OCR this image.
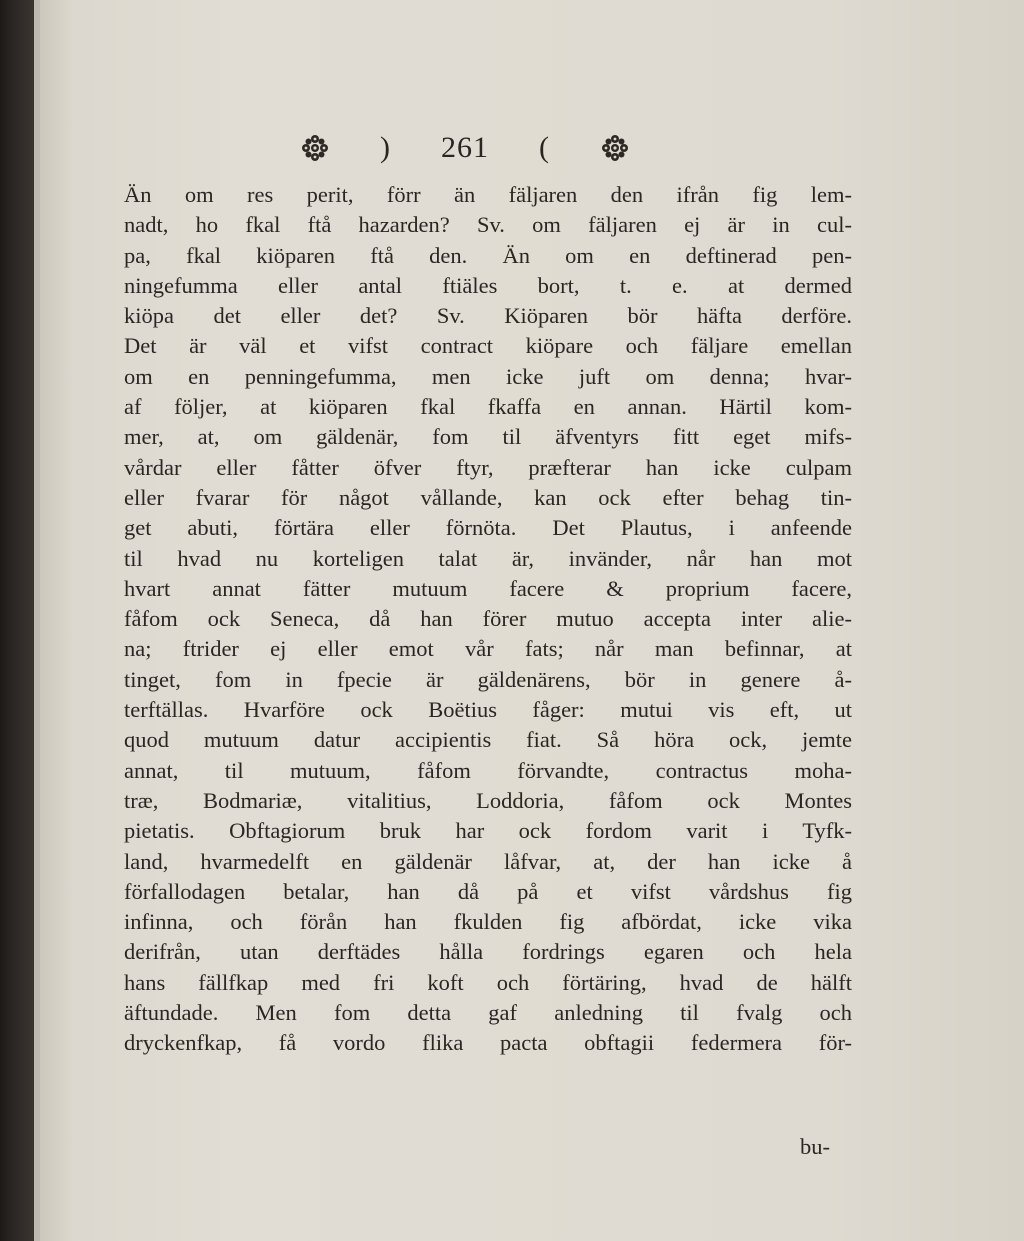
) 261 (
Än om res perit, förr än fäljaren den ifrån fig lem-
nadt, ho fkal ftå hazarden? Sv. om fäljaren ej är in cul-
pa, fkal kiöparen ftå den. Än om en deftinerad pen-
ningefumma eller antal ftiäles bort, t. e. at dermed
kiöpa det eller det? Sv. Kiöparen bör häfta derföre.
Det är väl et vifst contract kiöpare och fäljare emellan
om en penningefumma, men icke juft om denna; hvar-
af följer, at kiöparen fkal fkaffa en annan. Härtil kom-
mer, at, om gäldenär, fom til äfventyrs fitt eget mifs-
vårdar eller fåtter öfver ftyr, præfterar han icke culpam
eller fvarar för något vållande, kan ock efter behag tin-
get abuti, förtära eller förnöta. Det Plautus, i anfeende
til hvad nu korteligen talat är, invänder, når han mot
hvart annat fätter mutuum facere & proprium facere,
fåfom ock Seneca, då han förer mutuo accepta inter alie-
na; ftrider ej eller emot vår fats; når man befinnar, at
tinget, fom in fpecie är gäldenärens, bör in genere å-
terftällas. Hvarföre ock Boëtius fåger: mutui vis eft, ut
quod mutuum datur accipientis fiat. Så höra ock, jemte
annat, til mutuum, fåfom förvandte, contractus moha-
træ, Bodmariæ, vitalitius, Loddoria, fåfom ock Montes
pietatis. Obftagiorum bruk har ock fordom varit i Tyfk-
land, hvarmedelft en gäldenär låfvar, at, der han icke å
förfallodagen betalar, han då på et vifst vårdshus fig
infinna, och förån han fkulden fig afbördat, icke vika
derifrån, utan derftädes hålla fordrings egaren och hela
hans fällfkap med fri koft och förtäring, hvad de hälft
äftundade. Men fom detta gaf anledning til fvalg och
dryckenfkap, få vordo flika pacta obftagii federmera för-
bu-
